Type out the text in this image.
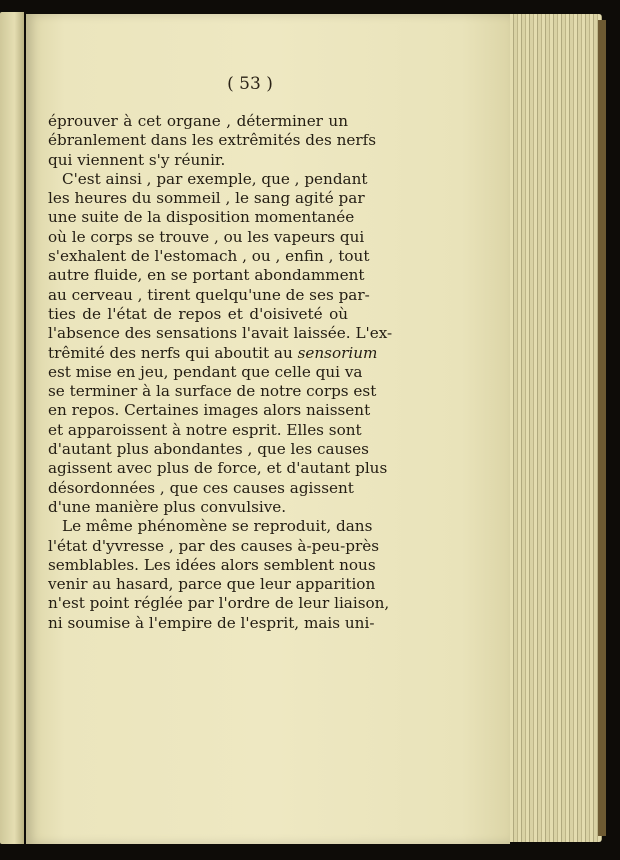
( 53 )
éprouver à cet organe , déterminer un
ébranlement dans les extrêmités des nerfs
qui viennent s'y réunir.
C'est ainsi , par exemple, que , pendant
les heures du sommeil , le sang agité par
une suite de la disposition momentanée
où le corps se trouve , ou les vapeurs qui
s'exhalent de l'estomach , ou , enfin , tout
autre fluide, en se portant abondamment
au cerveau , tirent quelqu'une de ses par-
ties de l'état de repos et d'oisiveté où
l'absence des sensations l'avait laissée. L'ex-
trêmité des nerfs qui aboutit au sensorium
est mise en jeu, pendant que celle qui va
se terminer à la surface de notre corps est
en repos. Certaines images alors naissent
et apparoissent à notre esprit. Elles sont
d'autant plus abondantes , que les causes
agissent avec plus de force, et d'autant plus
désordonnées , que ces causes agissent
d'une manière plus convulsive.
Le même phénomène se reproduit, dans
l'état d'yvresse , par des causes à-peu-près
semblables. Les idées alors semblent nous
venir au hasard, parce que leur apparition
n'est point réglée par l'ordre de leur liaison,
ni soumise à l'empire de l'esprit, mais uni-
